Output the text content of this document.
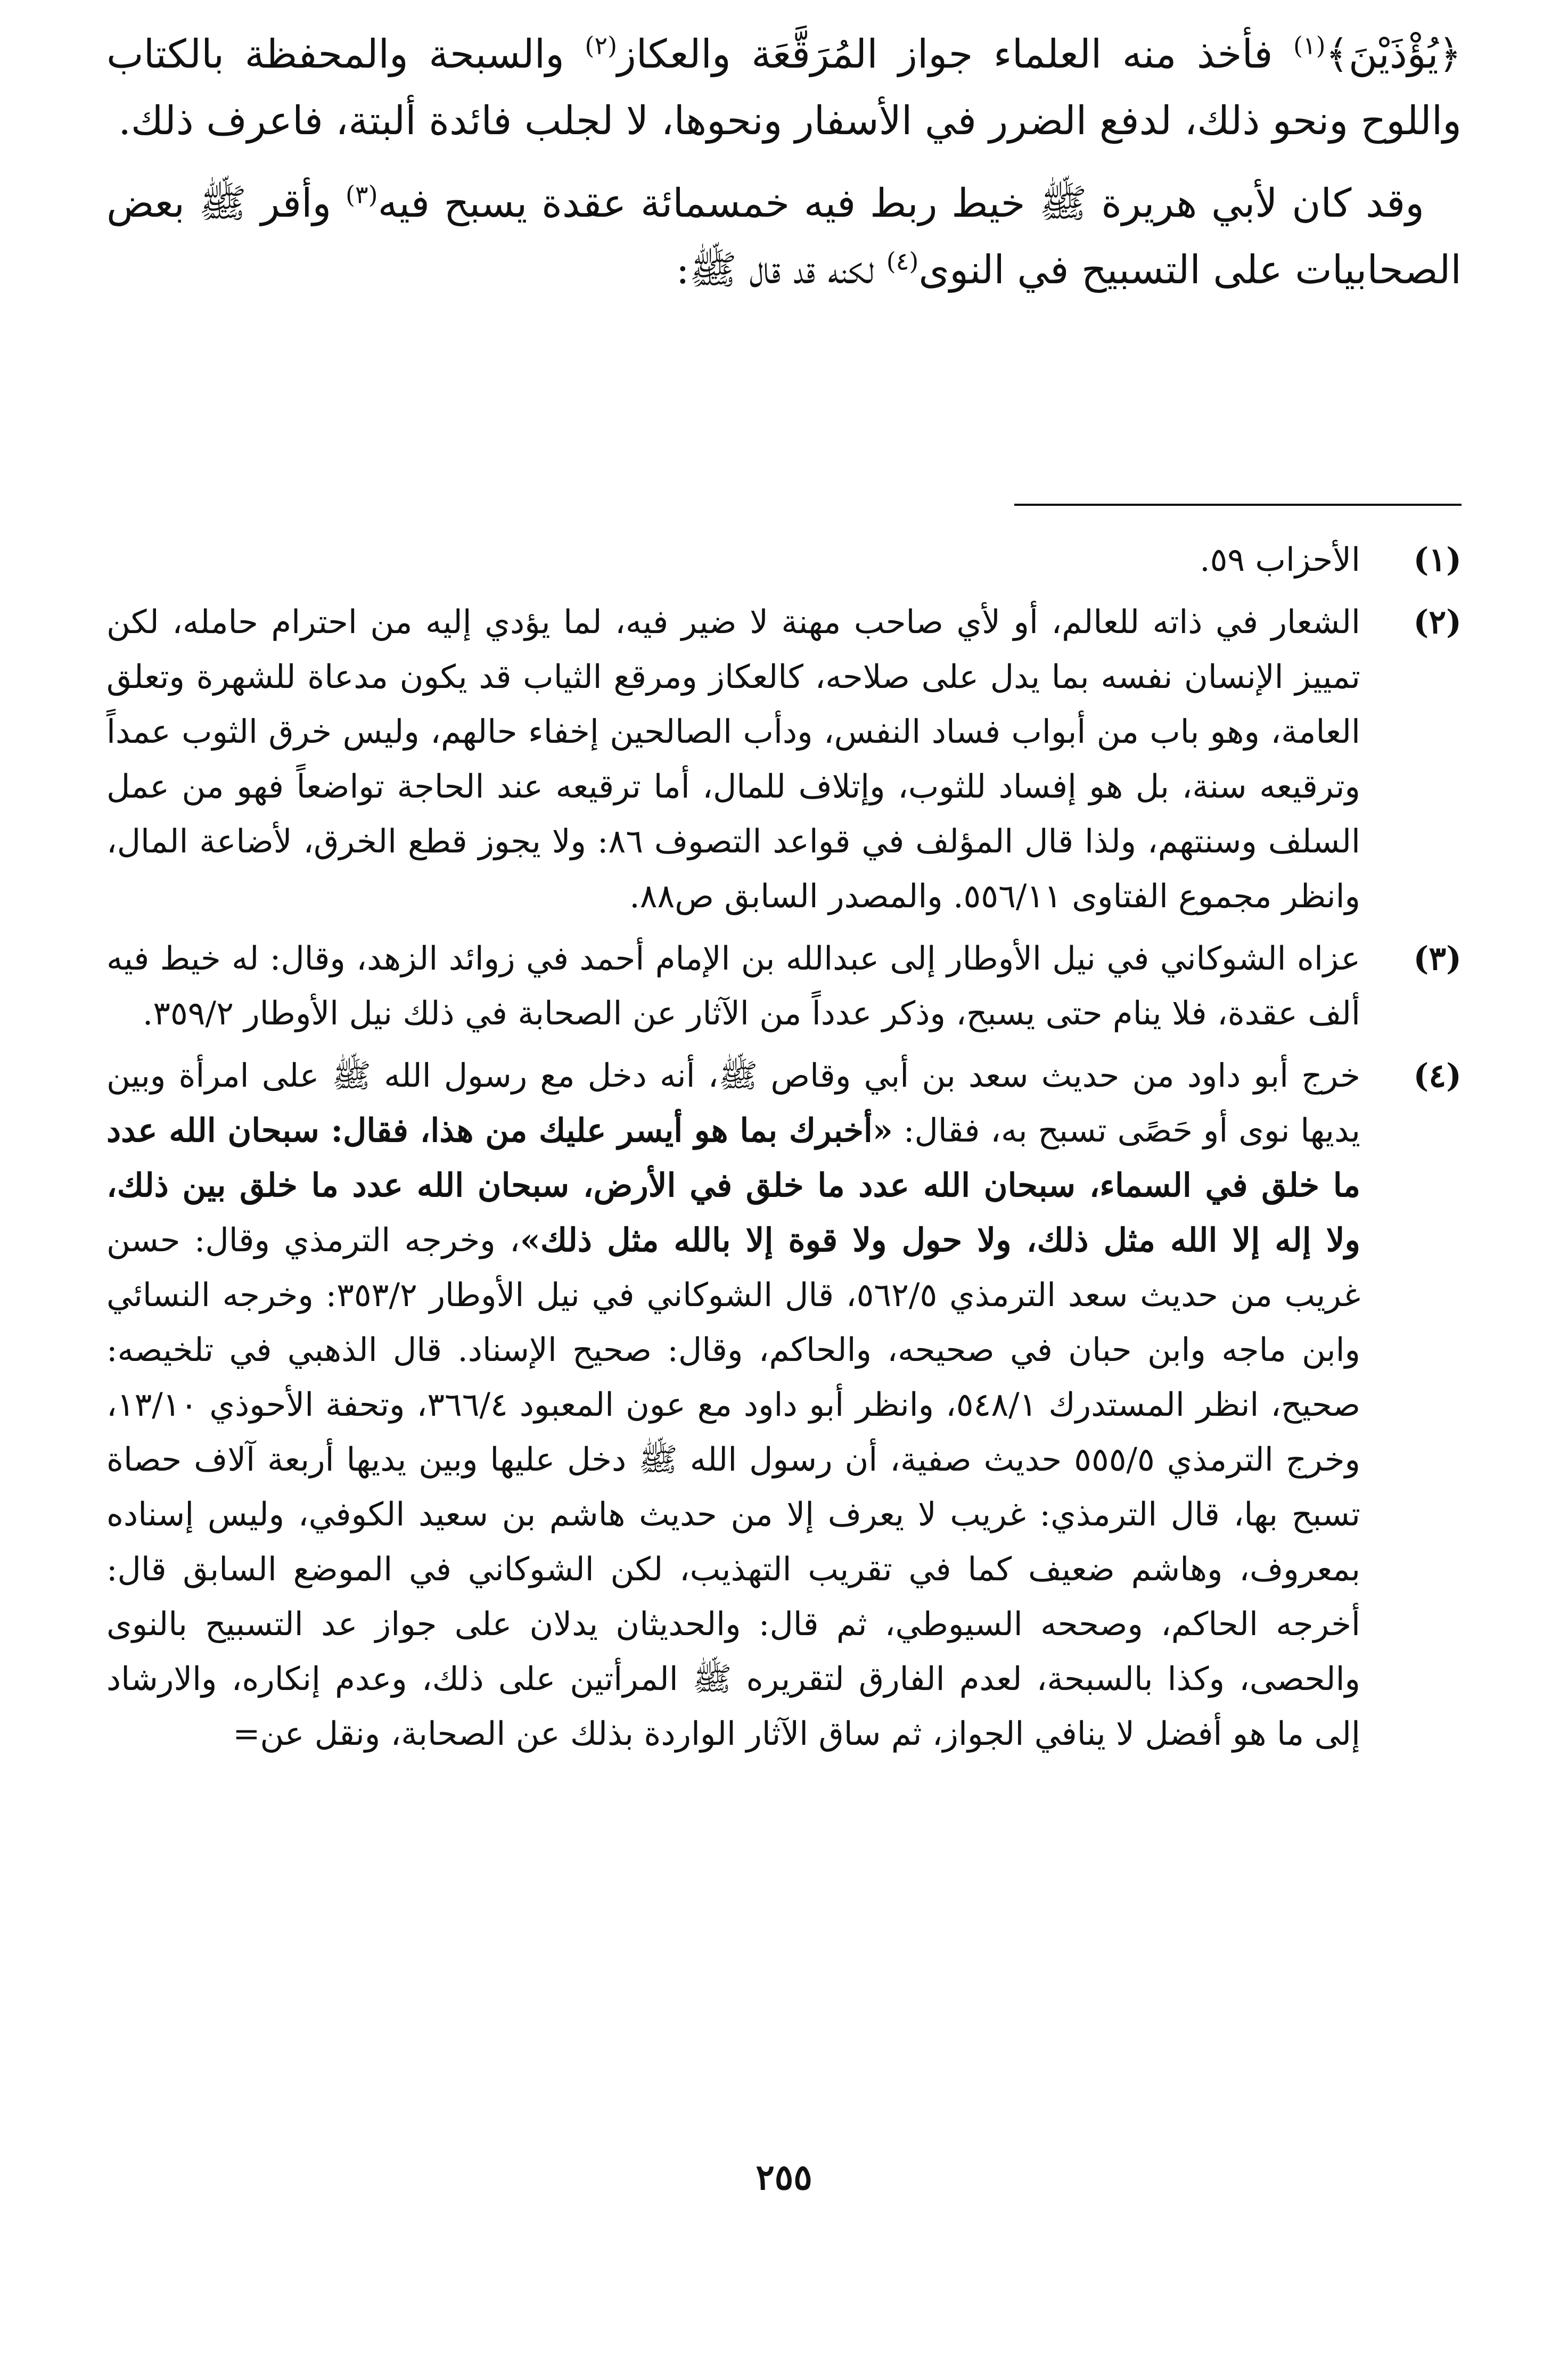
﴿يُؤْذَيْنَ﴾$^{(١)}$ فأخذ منه العلماء جواز المُرَقَّعَة والعكاز$^{(٢)}$ والسبحة والمحفظة بالكتاب واللوح ونحو ذلك، لدفع الضرر في الأسفار ونحوها، لا لجلب فائدة ألبتة، فاعرف ذلك.

وقد كان لأبي هريرة ﷺ خيط ربط فيه خمسمائة عقدة يسبح فيه$^{(٣)}$ وأقر ﷺ بعض الصحابيات على التسبيح في النوى$^{(٤)}$ لكنه قد قال ﷺ:

(١)
الأحزاب ٥٩.
(٢)
الشعار في ذاته للعالم، أو لأي صاحب مهنة لا ضير فيه، لما يؤدي إليه من احترام حامله، لكن تمييز الإنسان نفسه بما يدل على صلاحه، كالعكاز ومرقع الثياب قد يكون مدعاة للشهرة وتعلق العامة، وهو باب من أبواب فساد النفس، ودأب الصالحين إخفاء حالهم، وليس خرق الثوب عمداً وترقيعه سنة، بل هو إفساد للثوب، وإتلاف للمال، أما ترقيعه عند الحاجة تواضعاً فهو من عمل السلف وسنتهم، ولذا قال المؤلف في قواعد التصوف ٨٦: ولا يجوز قطع الخرق، لأضاعة المال، وانظر مجموع الفتاوى ٥٥٦/١١. والمصدر السابق ص٨٨.
(٣)
عزاه الشوكاني في نيل الأوطار إلى عبدالله بن الإمام أحمد في زوائد الزهد، وقال: له خيط فيه ألف عقدة، فلا ينام حتى يسبح، وذكر عدداً من الآثار عن الصحابة في ذلك نيل الأوطار ٣٥٩/٢.
(٤)
خرج أبو داود من حديث سعد بن أبي وقاص ﷺ، أنه دخل مع رسول الله ﷺ على امرأة وبين يديها نوى أو حَصًى تسبح به، فقال: «أخبرك بما هو أيسر عليك من هذا، فقال: سبحان الله عدد ما خلق في السماء، سبحان الله عدد ما خلق في الأرض، سبحان الله عدد ما خلق بين ذلك، ولا إله إلا الله مثل ذلك، ولا حول ولا قوة إلا بالله مثل ذلك»، وخرجه الترمذي وقال: حسن غريب من حديث سعد الترمذي ٥٦٢/٥، قال الشوكاني في نيل الأوطار ٣٥٣/٢: وخرجه النسائي وابن ماجه وابن حبان في صحيحه، والحاكم، وقال: صحيح الإسناد. قال الذهبي في تلخيصه: صحيح، انظر المستدرك ٥٤٨/١، وانظر أبو داود مع عون المعبود ٣٦٦/٤، وتحفة الأحوذي ١٣/١٠، وخرج الترمذي ٥٥٥/٥ حديث صفية، أن رسول الله ﷺ دخل عليها وبين يديها أربعة آلاف حصاة تسبح بها، قال الترمذي: غريب لا يعرف إلا من حديث هاشم بن سعيد الكوفي، وليس إسناده بمعروف، وهاشم ضعيف كما في تقريب التهذيب، لكن الشوكاني في الموضع السابق قال: أخرجه الحاكم، وصححه السيوطي، ثم قال: والحديثان يدلان على جواز عد التسبيح بالنوى والحصى، وكذا بالسبحة، لعدم الفارق لتقريره ﷺ المرأتين على ذلك، وعدم إنكاره، والارشاد إلى ما هو أفضل لا ينافي الجواز، ثم ساق الآثار الواردة بذلك عن الصحابة، ونقل عن=
٢٥٥
